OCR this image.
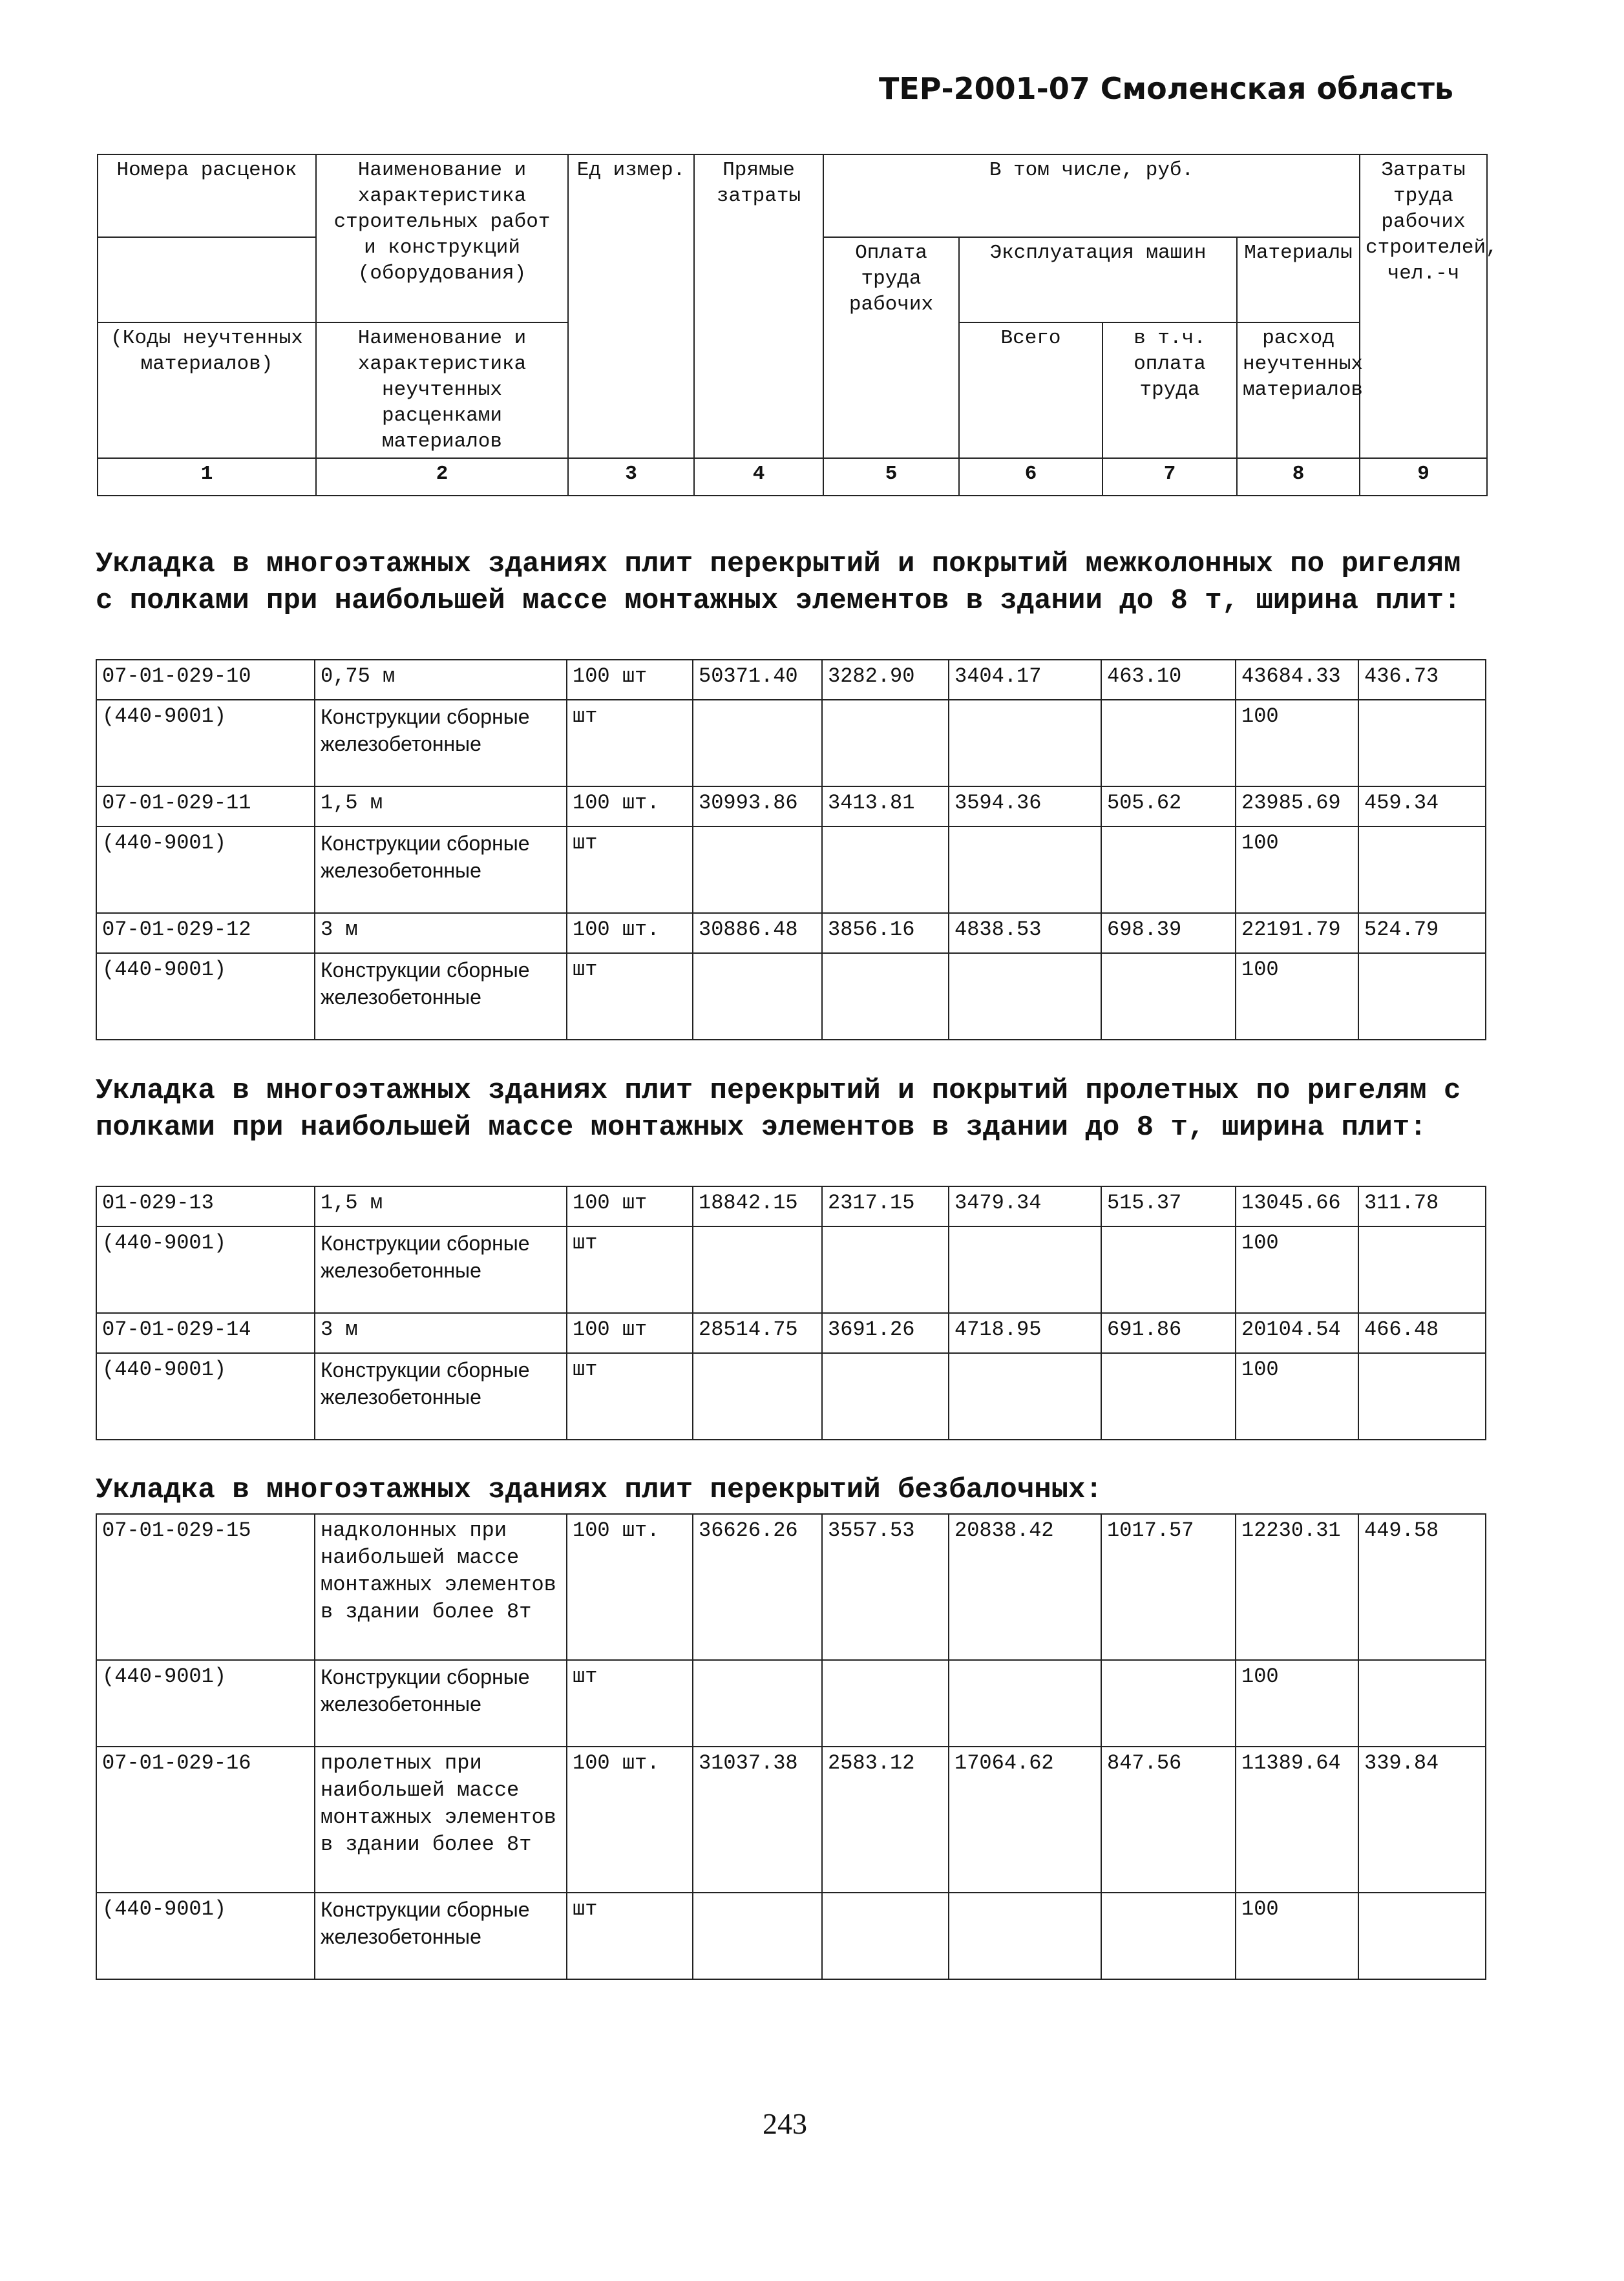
ТЕР-2001-07 Смоленская область
Номера расценок	Наименование и характеристика строительных работ и конструкций (оборудования)	Ед измер.	Прямые затраты	В том числе, руб.				Затраты труда рабочих строителей, чел.-ч
				Оплата труда рабочих	Эксплуатация машин		Материалы	
(Коды неучтенных материалов)	Наименование и характеристика неучтенных расценками материалов				Всего	в т.ч. оплата труда	расход неучтенных материалов	

1	2	3	4	5	6	7	8	9
Укладка в многоэтажных зданиях плит перекрытий и покрытий межколонных по ригелям с полками при наибольшей массе монтажных элементов в здании до 8 т, ширина плит:
07-01-029-10	0,75 м	100 шт	50371.40	3282.90	3404.17	463.10	43684.33	436.73
(440-9001)	Конструкции сборные железобетонные	шт					100	
07-01-029-11	1,5 м	100 шт.	30993.86	3413.81	3594.36	505.62	23985.69	459.34
(440-9001)	Конструкции сборные железобетонные	шт					100	
07-01-029-12	3 м	100 шт.	30886.48	3856.16	4838.53	698.39	22191.79	524.79
(440-9001)	Конструкции сборные железобетонные	шт					100	
Укладка в многоэтажных зданиях плит перекрытий и покрытий пролетных по ригелям с полками при наибольшей массе монтажных элементов в здании до 8 т, ширина плит:
01-029-13	1,5 м	100 шт	18842.15	2317.15	3479.34	515.37	13045.66	311.78
(440-9001)	Конструкции сборные железобетонные	шт					100	
07-01-029-14	3 м	100 шт	28514.75	3691.26	4718.95	691.86	20104.54	466.48
(440-9001)	Конструкции сборные железобетонные	шт					100	
Укладка в многоэтажных зданиях плит перекрытий безбалочных:
07-01-029-15	надколонных при наибольшей массе монтажных элементов в здании более 8т	100 шт.	36626.26	3557.53	20838.42	1017.57	12230.31	449.58
(440-9001)	Конструкции сборные железобетонные	шт					100	
07-01-029-16	пролетных при наибольшей массе монтажных элементов в здании более 8т	100 шт.	31037.38	2583.12	17064.62	847.56	11389.64	339.84
(440-9001)	Конструкции сборные железобетонные	шт					100	
243
